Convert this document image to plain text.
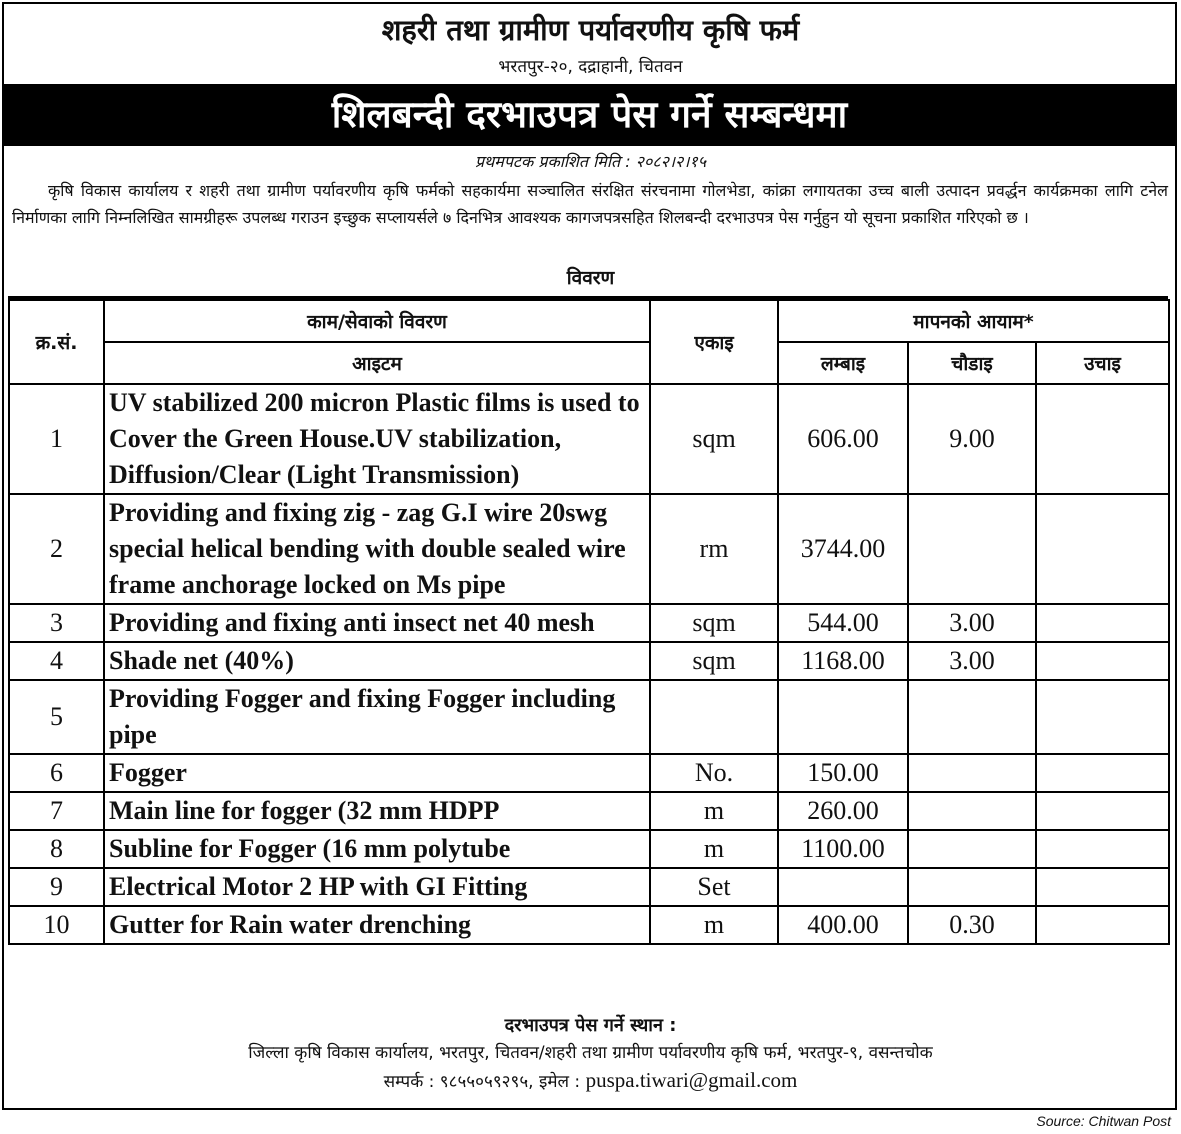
शहरी तथा ग्रामीण पर्यावरणीय कृषि फर्म
भरतपुर-२०, दद्राहानी, चितवन
शिलबन्दी दरभाउपत्र पेस गर्ने सम्बन्धमा
प्रथमपटक प्रकाशित मिति : २०८२।२।१५

कृषि विकास कार्यालय र शहरी तथा ग्रामीण पर्यावरणीय कृषि फर्मको सहकार्यमा सञ्चालित संरक्षित संरचनामा गोलभेडा, कांक्रा लगायतका उच्च बाली उत्पादन प्रवर्द्धन कार्यक्रमका लागि टनेल निर्माणका लागि निम्नलिखित सामग्रीहरू उपलब्ध गराउन इच्छुक सप्लायर्सले ७ दिनभित्र आवश्यक कागजपत्रसहित शिलबन्दी दरभाउपत्र पेस गर्नुहुन यो सूचना प्रकाशित गरिएको छ ।

विवरण
क्र.सं.	काम/सेवाको विवरण	एकाइ	मापनको आयाम*		
	आइटम		लम्बाइ	चौडाइ	उचाइ
1	UV stabilized 200 micron Plastic films is used to Cover the Green House.UV stabilization, Diffusion/Clear (Light Transmission)	sqm	606.00	9.00	
2	Providing and fixing zig - zag G.I wire 20swg special helical bending with double sealed wire frame anchorage locked on Ms pipe	rm	3744.00		
3	Providing and fixing anti insect net 40 mesh	sqm	544.00	3.00	
4	Shade net (40%)	sqm	1168.00	3.00	
5	Providing Fogger and fixing Fogger including pipe				
6	Fogger	No.	150.00		
7	Main line for fogger (32 mm HDPP	m	260.00		
8	Subline for Fogger (16 mm polytube	m	1100.00		
9	Electrical Motor 2 HP with GI Fitting	Set			
10	Gutter for Rain water drenching	m	400.00	0.30	
दरभाउपत्र पेस गर्ने स्थान :
जिल्ला कृषि विकास कार्यालय, भरतपुर, चितवन/शहरी तथा ग्रामीण पर्यावरणीय कृषि फर्म, भरतपुर-९, वसन्तचोक
सम्पर्क : ९८५५०५९२९५, इमेल : puspa.tiwari@gmail.com
Source: Chitwan Post
